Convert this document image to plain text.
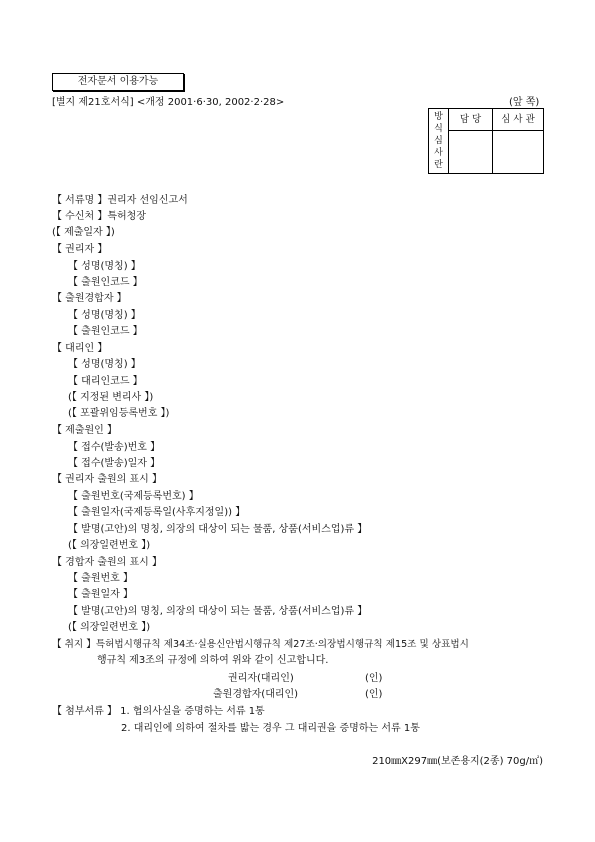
전자문서 이용가능
[별지 제21호서식] <개정 2001·6·30, 2002·2·28>	(앞 쪽)
방
식
심
사
란
담 당	심 사 관
【 서류명 】권리자 선임신고서
【 수신처 】특허청장
(【 제출일자 】)
【 권리자 】
【 성명(명칭) 】
【 출원인코드 】
【 출원경합자 】
【 성명(명칭) 】
【 출원인코드 】
【 대리인 】
【 성명(명칭) 】
【 대리인코드 】
(【 지정된 변리사 】)
(【 포괄위임등록번호 】)
【 제출원인 】
【 접수(발송)번호 】
【 접수(발송)일자 】
【 권리자 출원의 표시 】
【 출원번호(국제등록번호) 】
【 출원일자(국제등록일(사후지정일)) 】
【 발명(고안)의 명칭, 의장의 대상이 되는 물품, 상품(서비스업)류 】
(【 의장일련번호 】)
【 경합자 출원의 표시 】
【 출원번호 】
【 출원일자 】
【 발명(고안)의 명칭, 의장의 대상이 되는 물품, 상품(서비스업)류 】
(【 의장일련번호 】)
【 취지 】특허법시행규칙 제34조·실용신안법시행규칙 제27조·의장법시행규칙 제15조 및 상표법시
행규칙 제3조의 규정에 의하여 위와 같이 신고합니다.
권리자(대리인)	(인)
출원경합자(대리인)	(인)
【 첨부서류 】 1. 협의사실을 증명하는 서류 1통
2. 대리인에 의하여 절차를 밟는 경우 그 대리권을 증명하는 서류 1통
210㎜X297㎜(보존용지(2종) 70g/㎡)
